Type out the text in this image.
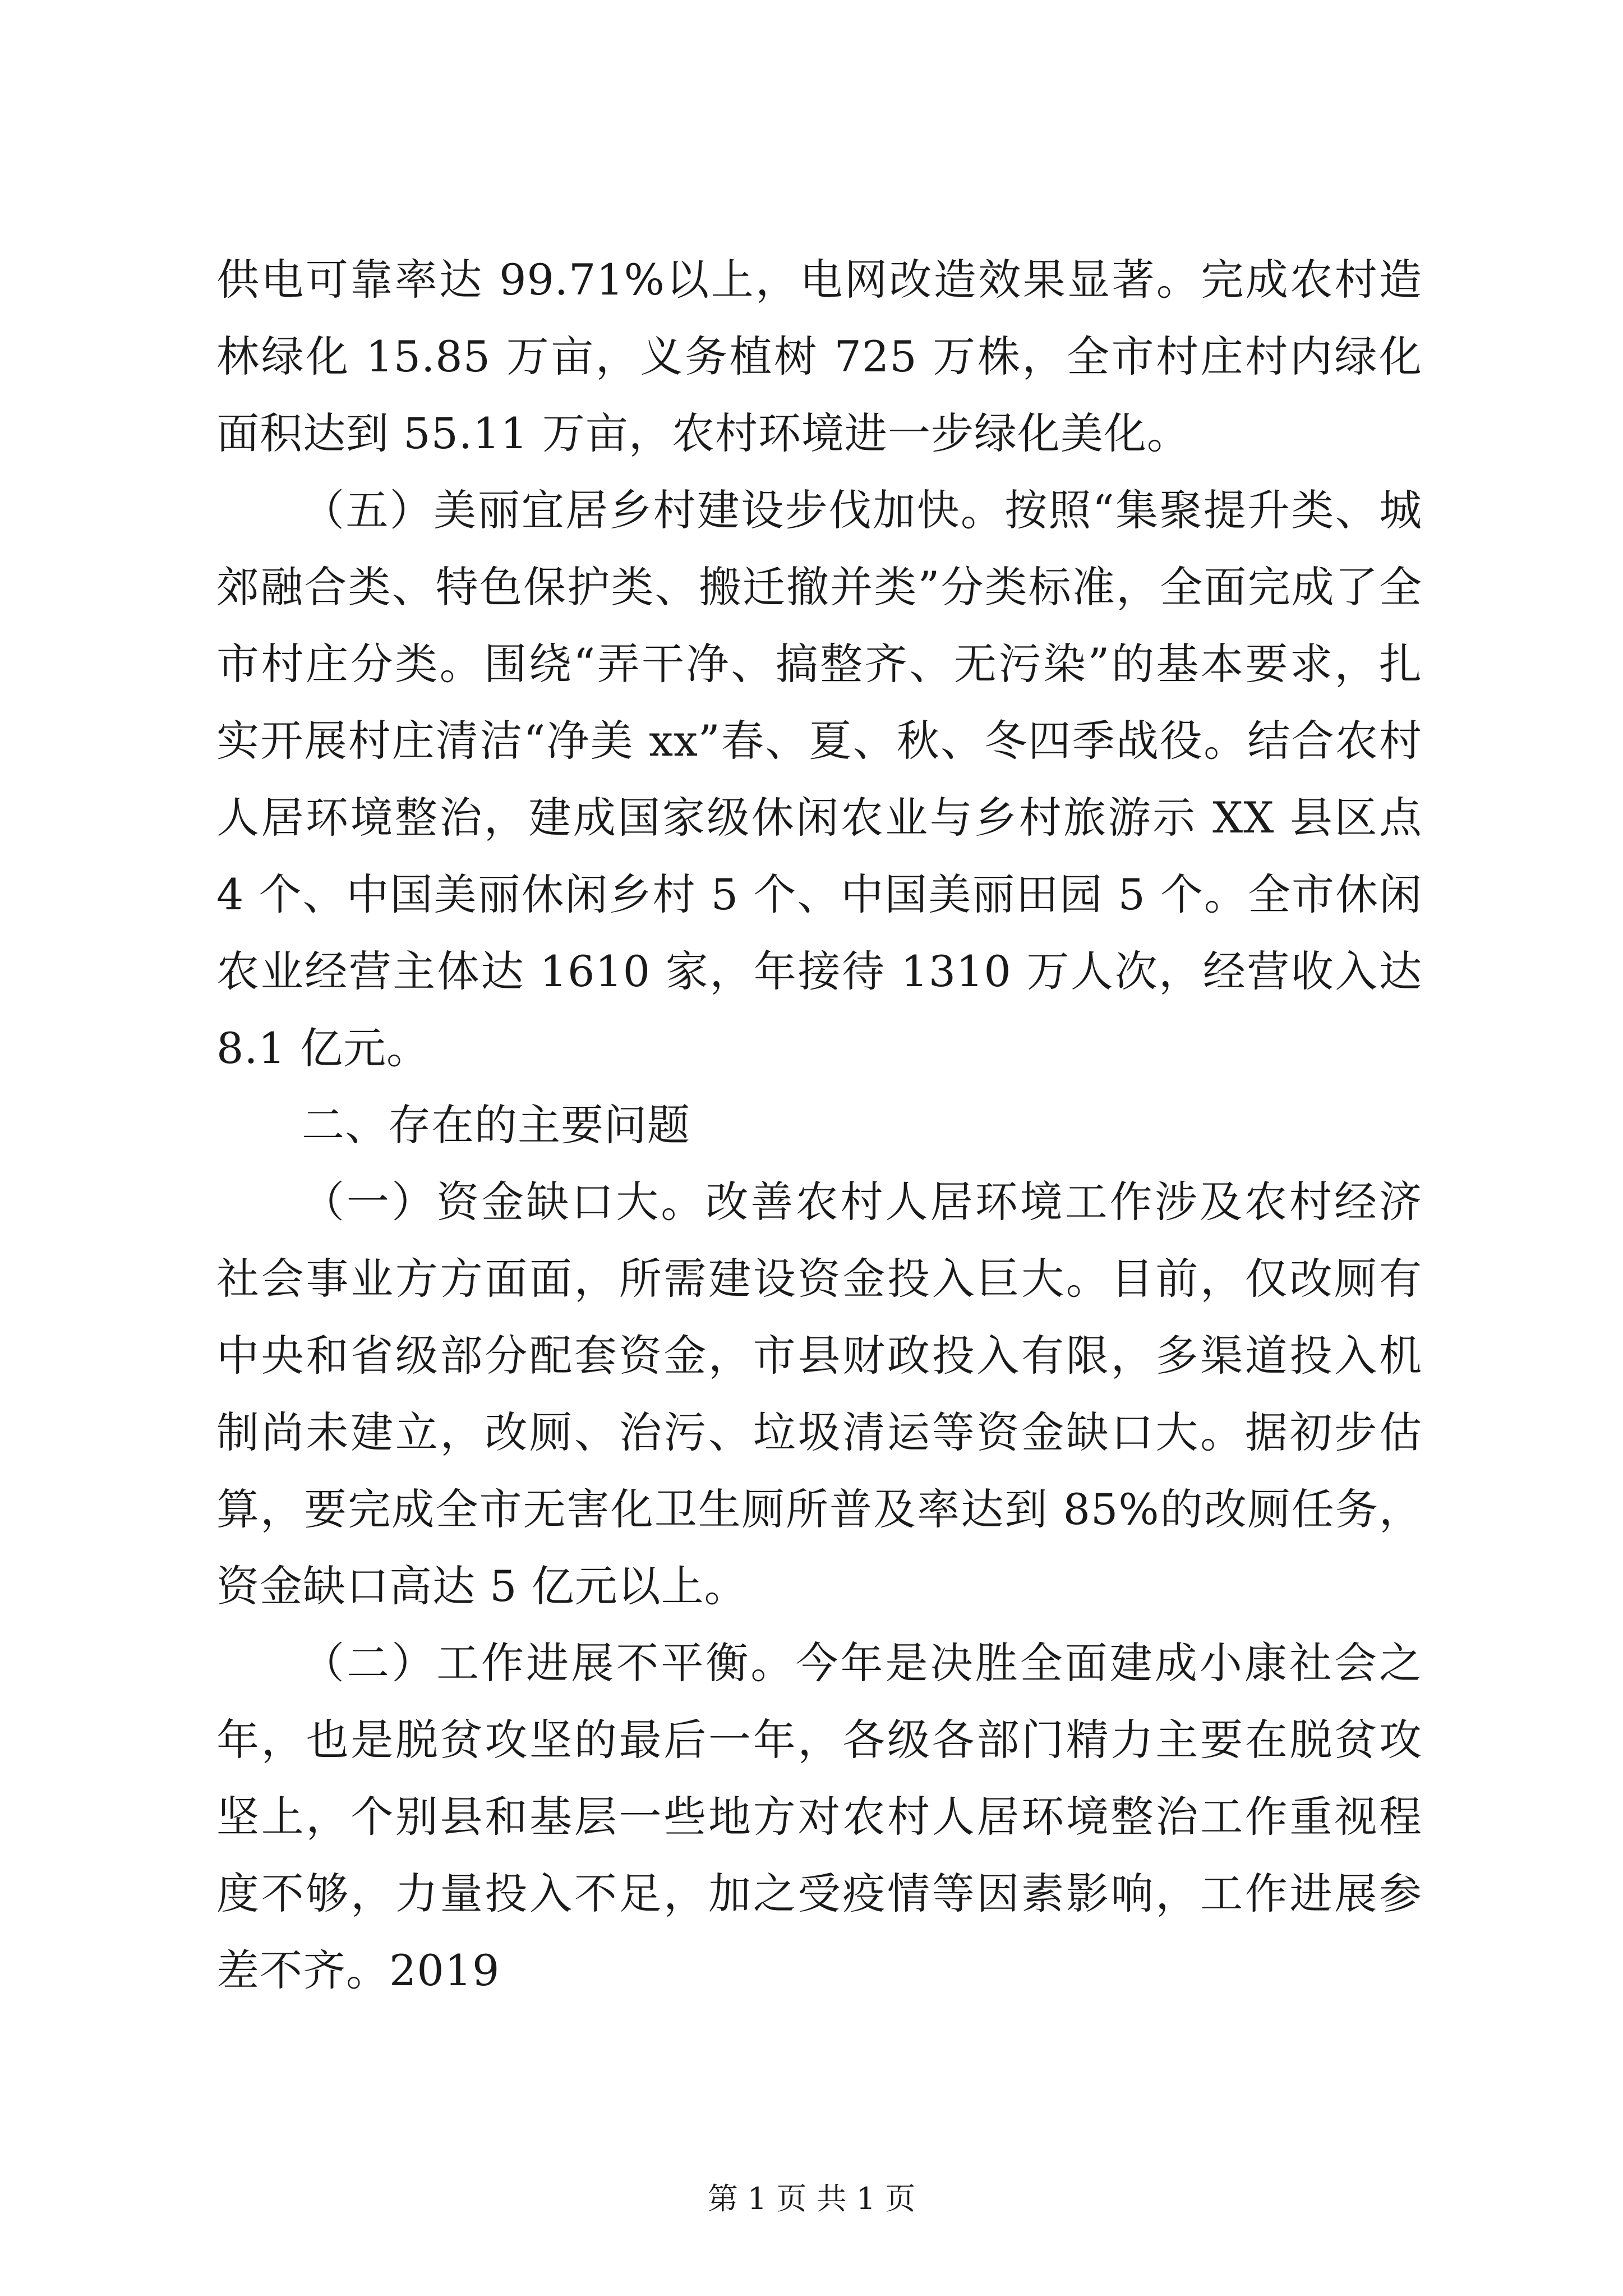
供电可靠率达 99.71%以上，电网改造效果显著。完成农村造林绿化 15.85 万亩，义务植树 725 万株，全市村庄村内绿化面积达到 55.11 万亩，农村环境进一步绿化美化。

（五）美丽宜居乡村建设步伐加快。按照“集聚提升类、城郊融合类、特色保护类、搬迁撤并类”分类标准，全面完成了全市村庄分类。围绕“弄干净、搞整齐、无污染”的基本要求，扎实开展村庄清洁“净美 xx”春、夏、秋、冬四季战役。结合农村人居环境整治，建成国家级休闲农业与乡村旅游示 XX 县区点 4 个、中国美丽休闲乡村 5 个、中国美丽田园 5 个。全市休闲农业经营主体达 1610 家，年接待 1310 万人次，经营收入达 8.1 亿元。

二、存在的主要问题

（一）资金缺口大。改善农村人居环境工作涉及农村经济社会事业方方面面，所需建设资金投入巨大。目前，仅改厕有中央和省级部分配套资金，市县财政投入有限，多渠道投入机制尚未建立，改厕、治污、垃圾清运等资金缺口大。据初步估算，要完成全市无害化卫生厕所普及率达到 85%的改厕任务，资金缺口高达 5 亿元以上。

（二）工作进展不平衡。今年是决胜全面建成小康社会之年，也是脱贫攻坚的最后一年，各级各部门精力主要在脱贫攻坚上，个别县和基层一些地方对农村人居环境整治工作重视程度不够，力量投入不足，加之受疫情等因素影响，工作进展参差不齐。2019

第 1 页 共 1 页
